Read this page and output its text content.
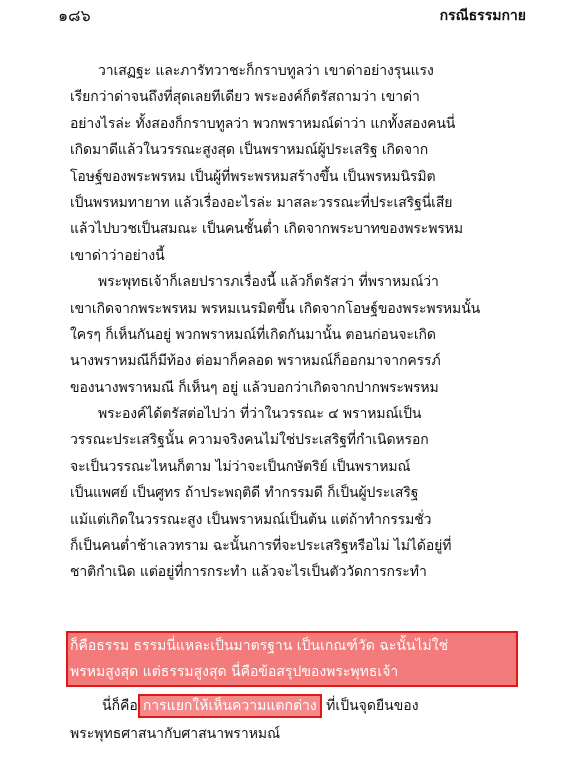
๑๘๖	กรณีธรรมกาย

วาเสฏฐะ และภารัทวาชะก็กราบทูลว่า เขาด่าอย่างรุนแรง
เรียกว่าด่าจนถึงที่สุดเลยทีเดียว พระองค์ก็ตรัสถามว่า เขาด่า
อย่างไรล่ะ ทั้งสองก็กราบทูลว่า พวกพราหมณ์ด่าว่า แกทั้งสองคนนี่
เกิดมาดีแล้วในวรรณะสูงสุด เป็นพราหมณ์ผู้ประเสริฐ เกิดจาก
โอษฐ์ของพระพรหม เป็นผู้ที่พระพรหมสร้างขึ้น เป็นพรหมนิรมิต
เป็นพรหมทายาท แล้วเรื่องอะไรล่ะ มาสละวรรณะที่ประเสริฐนี่เสีย
แล้วไปบวชเป็นสมณะ เป็นคนชั้นต่ำ เกิดจากพระบาทของพระพรหม
เขาด่าว่าอย่างนี้

พระพุทธเจ้าก็เลยปรารภเรื่องนี้ แล้วก็ตรัสว่า ที่พราหมณ์ว่า
เขาเกิดจากพระพรหม พรหมเนรมิตขึ้น เกิดจากโอษฐ์ของพระพรหมนั้น
ใครๆ ก็เห็นกันอยู่ พวกพราหมณ์ที่เกิดกันมานั้น ตอนก่อนจะเกิด
นางพราหมณีก็มีท้อง ต่อมาก็คลอด พราหมณ์ก็ออกมาจากครรภ์
ของนางพราหมณี ก็เห็นๆ อยู่ แล้วบอกว่าเกิดจากปากพระพรหม

พระองค์ได้ตรัสต่อไปว่า ที่ว่าในวรรณะ ๔ พราหมณ์เป็น
วรรณะประเสริฐนั้น ความจริงคนไม่ใช่ประเสริฐที่กำเนิดหรอก
จะเป็นวรรณะไหนก็ตาม ไม่ว่าจะเป็นกษัตริย์ เป็นพราหมณ์
เป็นแพศย์ เป็นศูทร ถ้าประพฤติดี ทำกรรมดี ก็เป็นผู้ประเสริฐ
แม้แต่เกิดในวรรณะสูง เป็นพราหมณ์เป็นต้น แต่ถ้าทำกรรมชั่ว
ก็เป็นคนต่ำช้าเลวทราม ฉะนั้นการที่จะประเสริฐหรือไม่ ไม่ได้อยู่ที่
ชาติกำเนิด แต่อยู่ที่การกระทำ แล้วจะไรเป็นตัววัดการกระทำ

ก็คือธรรม ธรรมนี่แหละเป็นมาตรฐาน เป็นเกณฑ์วัด ฉะนั้นไม่ใช่
พรหมสูงสุด แต่ธรรมสูงสุด นี่คือข้อสรุปของพระพุทธเจ้า
นี่ก็คือ การแยกให้เห็นความแตกต่าง ที่เป็นจุดยืนของ
พระพุทธศาสนากับศาสนาพราหมณ์
